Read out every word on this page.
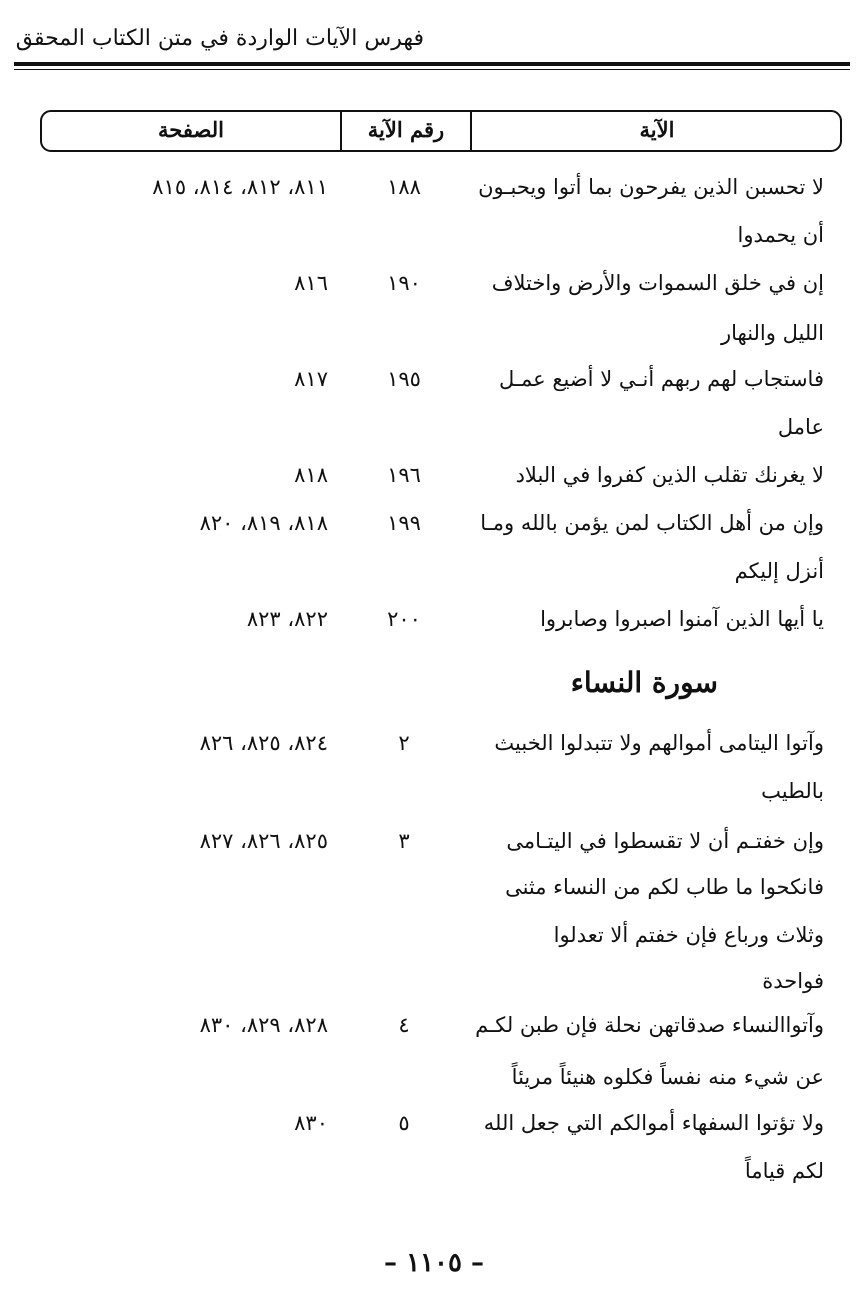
فهرس الآيات الواردة في متن الكتاب المحقق
الآية
رقم الآية
الصفحة
لا تحسبن الذين يفرحون بما أتوا ويحبـون
١٨٨
٨١١، ٨١٢، ٨١٤، ٨١٥
أن يحمدوا
إن في خلق السموات والأرض واختلاف
١٩٠
٨١٦
الليل والنهار
فاستجاب لهم ربهم أنـي لا أضيع عمـل
١٩٥
٨١٧
عامل
لا يغرنك تقلب الذين كفروا في البلاد
١٩٦
٨١٨
وإن من أهل الكتاب لمن يؤمن بالله ومـا
١٩٩
٨١٨، ٨١٩، ٨٢٠
أنزل إليكم
يا أيها الذين آمنوا اصبروا وصابروا
٢٠٠
٨٢٢، ٨٢٣
سورة النساء
وآتوا اليتامى أموالهم ولا تتبدلوا الخبيث
٢
٨٢٤، ٨٢٥، ٨٢٦
بالطيب
وإن خفتـم أن لا تقسطوا في اليتـامى
٣
٨٢٥، ٨٢٦، ٨٢٧
فانكحوا ما طاب لكم من النساء مثنى
وثلاث ورباع فإن خفتم ألا تعدلوا
فواحدة
وآتواالنساء صدقاتهن نحلة فإن طبن لكـم
٤
٨٢٨، ٨٢٩، ٨٣٠
عن شيء منه نفساً فكلوه هنيئاً مريئاً
ولا تؤتوا السفهاء أموالكم التي جعل الله
٥
٨٣٠
لكم قياماً
– ١١٠٥ –
